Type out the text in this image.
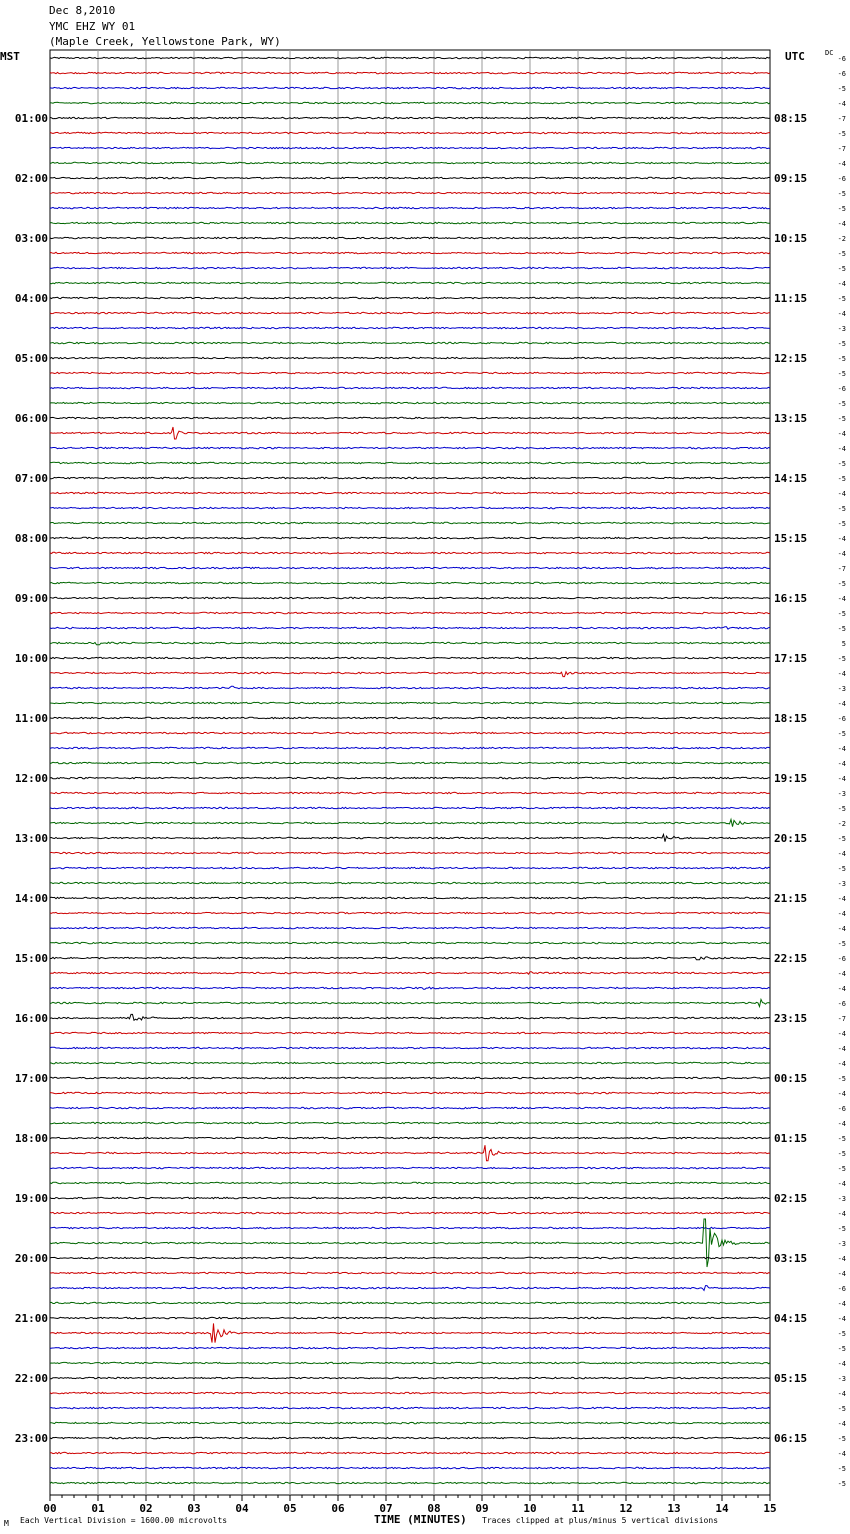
Dec 8,2010
YMC EHZ WY 01
(Maple Creek, Yellowstone Park, WY)
MST	UTC	DC
00	01	02	03	04	05	06	07	08	09	10	11	12	13	14	15
01:00
02:00
03:00
04:00
05:00
06:00
07:00
08:00
09:00
10:00
11:00
12:00
13:00
14:00
15:00
16:00
17:00
18:00
19:00
20:00
21:00
22:00
23:00
08:15
09:15
10:15
11:15
12:15
13:15
14:15
15:15
16:15
17:15
18:15
19:15
20:15
21:15
22:15
23:15
00:15
01:15
02:15
03:15
04:15
05:15
06:15
-6
-6
-5
-4
-7
-5
-7
-4
-6
-5
-5
-4
-2
-5
-5
-4
-5
-4
-3
-5
-5
-5
-6
-5
-5
-4
-4
-5
-5
-4
-5
-5
-4
-4
-7
-5
-4
-5
-5
5
-5
-4
-3
-4
-6
-5
-4
-4
-4
-3
-5
-2
-5
-4
-5
-3
-4
-4
-4
-5
-6
-4
-4
-6
-7
-4
-4
-4
-5
-4
-6
-4
-5
-5
-5
-4
-3
-4
-5
-3
-4
-4
-6
-4
-4
-5
-5
-4
-3
-4
-5
-4
-5
-4
-5
-5
M Each Vertical Division = 1600.00 microvolts	TIME (MINUTES) Traces clipped at plus/minus 5 vertical divisions
